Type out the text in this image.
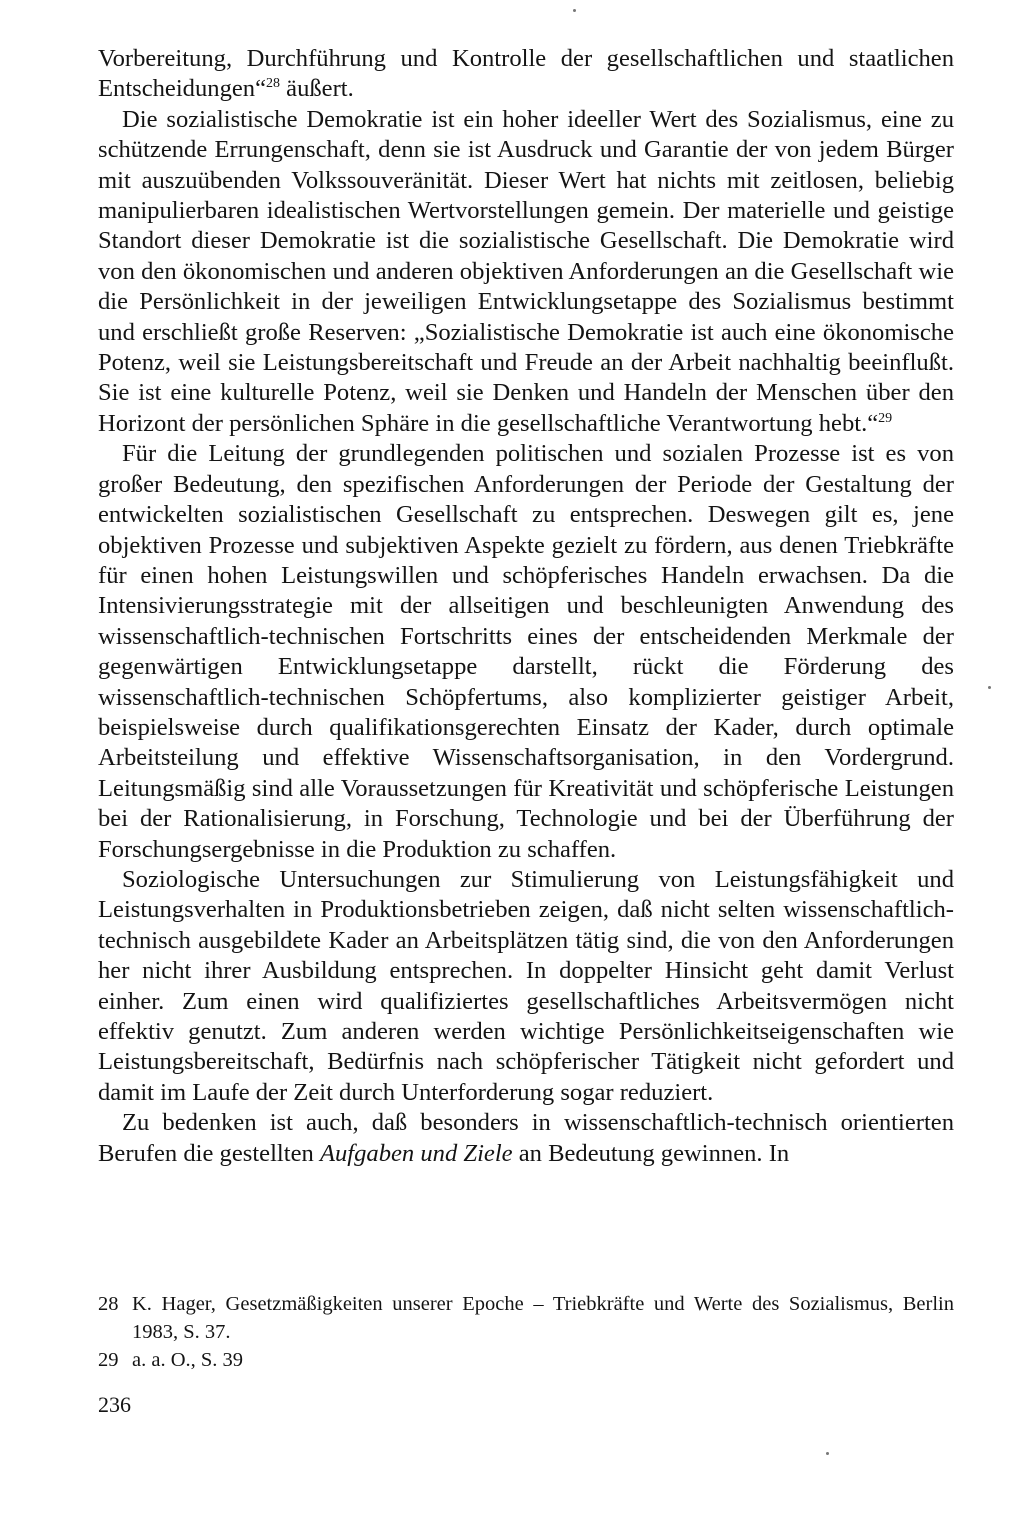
Vorbereitung, Durchführung und Kontrolle der gesellschaftlichen und staatlichen Entscheidungen“$^{28}$ äußert.

Die sozialistische Demokratie ist ein hoher ideeller Wert des Sozialismus, eine zu schützende Errungenschaft, denn sie ist Ausdruck und Garantie der von jedem Bürger mit auszuübenden Volkssouveränität. Dieser Wert hat nichts mit zeitlosen, beliebig manipulierbaren idealistischen Wertvorstellungen gemein. Der materielle und geistige Standort dieser Demokratie ist die sozialistische Gesellschaft. Die Demokratie wird von den ökonomischen und anderen objektiven Anforderungen an die Gesellschaft wie die Persönlichkeit in der jeweiligen Entwicklungsetappe des Sozialismus bestimmt und erschließt große Reserven: „Sozialistische Demokratie ist auch eine ökonomische Potenz, weil sie Leistungsbereitschaft und Freude an der Arbeit nachhaltig beeinflußt. Sie ist eine kulturelle Potenz, weil sie Denken und Handeln der Menschen über den Horizont der persönlichen Sphäre in die gesellschaftliche Verantwortung hebt.“$^{29}$

Für die Leitung der grundlegenden politischen und sozialen Prozesse ist es von großer Bedeutung, den spezifischen Anforderungen der Periode der Gestaltung der entwickelten sozialistischen Gesellschaft zu entsprechen. Deswegen gilt es, jene objektiven Prozesse und subjektiven Aspekte gezielt zu fördern, aus denen Triebkräfte für einen hohen Leistungswillen und schöpferisches Handeln erwachsen. Da die Intensivierungsstrategie mit der allseitigen und beschleunigten Anwendung des wissenschaftlich-technischen Fortschritts eines der entscheidenden Merkmale der gegenwärtigen Entwicklungsetappe darstellt, rückt die Förderung des wissenschaftlich-technischen Schöpfertums, also komplizierter geistiger Arbeit, beispielsweise durch qualifikationsgerechten Einsatz der Kader, durch optimale Arbeitsteilung und effektive Wissenschaftsorganisation, in den Vordergrund. Leitungsmäßig sind alle Voraussetzungen für Kreativität und schöpferische Leistungen bei der Rationalisierung, in Forschung, Technologie und bei der Überführung der Forschungsergebnisse in die Produktion zu schaffen.

Soziologische Untersuchungen zur Stimulierung von Leistungsfähigkeit und Leistungsverhalten in Produktionsbetrieben zeigen, daß nicht selten wissenschaftlich-technisch ausgebildete Kader an Arbeitsplätzen tätig sind, die von den Anforderungen her nicht ihrer Ausbildung entsprechen. In doppelter Hinsicht geht damit Verlust einher. Zum einen wird qualifiziertes gesellschaftliches Arbeitsvermögen nicht effektiv genutzt. Zum anderen werden wichtige Persönlichkeitseigenschaften wie Leistungsbereitschaft, Bedürfnis nach schöpferischer Tätigkeit nicht gefordert und damit im Laufe der Zeit durch Unterforderung sogar reduziert.

Zu bedenken ist auch, daß besonders in wissenschaftlich-technisch orientierten Berufen die gestellten Aufgaben und Ziele an Bedeutung gewinnen. In

28 K. Hager, Gesetzmäßigkeiten unserer Epoche – Triebkräfte und Werte des Sozialismus, Berlin 1983, S. 37.
29 a. a. O., S. 39
236
